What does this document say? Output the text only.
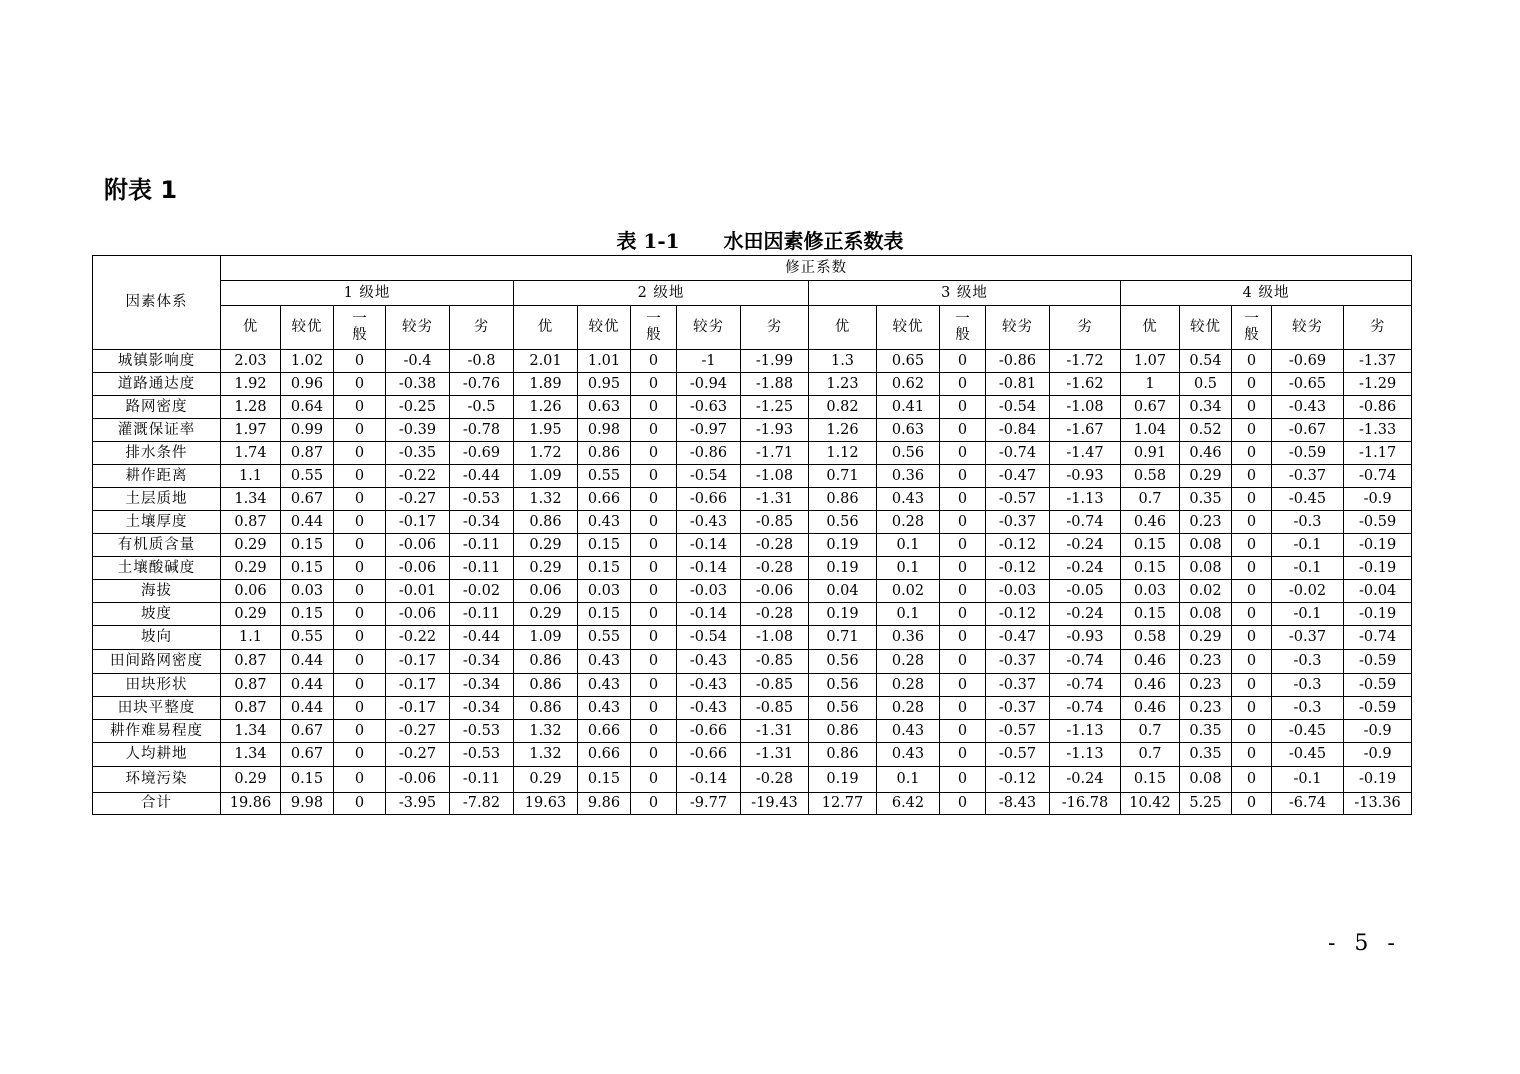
附表 1
表 1-1 水田因素修正系数表
因素体系	修正系数																			
	1 级地					2 级地					3 级地					4 级地				
	优	较优	一般	较劣	劣	优	较优	一般	较劣	劣	优	较优	一般	较劣	劣	优	较优	一般	较劣	劣
城镇影响度	2.03	1.02	0	-0.4	-0.8	2.01	1.01	0	-1	-1.99	1.3	0.65	0	-0.86	-1.72	1.07	0.54	0	-0.69	-1.37
道路通达度	1.92	0.96	0	-0.38	-0.76	1.89	0.95	0	-0.94	-1.88	1.23	0.62	0	-0.81	-1.62	1	0.5	0	-0.65	-1.29
路网密度	1.28	0.64	0	-0.25	-0.5	1.26	0.63	0	-0.63	-1.25	0.82	0.41	0	-0.54	-1.08	0.67	0.34	0	-0.43	-0.86
灌溉保证率	1.97	0.99	0	-0.39	-0.78	1.95	0.98	0	-0.97	-1.93	1.26	0.63	0	-0.84	-1.67	1.04	0.52	0	-0.67	-1.33
排水条件	1.74	0.87	0	-0.35	-0.69	1.72	0.86	0	-0.86	-1.71	1.12	0.56	0	-0.74	-1.47	0.91	0.46	0	-0.59	-1.17
耕作距离	1.1	0.55	0	-0.22	-0.44	1.09	0.55	0	-0.54	-1.08	0.71	0.36	0	-0.47	-0.93	0.58	0.29	0	-0.37	-0.74
土层质地	1.34	0.67	0	-0.27	-0.53	1.32	0.66	0	-0.66	-1.31	0.86	0.43	0	-0.57	-1.13	0.7	0.35	0	-0.45	-0.9
土壤厚度	0.87	0.44	0	-0.17	-0.34	0.86	0.43	0	-0.43	-0.85	0.56	0.28	0	-0.37	-0.74	0.46	0.23	0	-0.3	-0.59
有机质含量	0.29	0.15	0	-0.06	-0.11	0.29	0.15	0	-0.14	-0.28	0.19	0.1	0	-0.12	-0.24	0.15	0.08	0	-0.1	-0.19
土壤酸碱度	0.29	0.15	0	-0.06	-0.11	0.29	0.15	0	-0.14	-0.28	0.19	0.1	0	-0.12	-0.24	0.15	0.08	0	-0.1	-0.19
海拔	0.06	0.03	0	-0.01	-0.02	0.06	0.03	0	-0.03	-0.06	0.04	0.02	0	-0.03	-0.05	0.03	0.02	0	-0.02	-0.04
坡度	0.29	0.15	0	-0.06	-0.11	0.29	0.15	0	-0.14	-0.28	0.19	0.1	0	-0.12	-0.24	0.15	0.08	0	-0.1	-0.19
坡向	1.1	0.55	0	-0.22	-0.44	1.09	0.55	0	-0.54	-1.08	0.71	0.36	0	-0.47	-0.93	0.58	0.29	0	-0.37	-0.74
田间路网密度	0.87	0.44	0	-0.17	-0.34	0.86	0.43	0	-0.43	-0.85	0.56	0.28	0	-0.37	-0.74	0.46	0.23	0	-0.3	-0.59
田块形状	0.87	0.44	0	-0.17	-0.34	0.86	0.43	0	-0.43	-0.85	0.56	0.28	0	-0.37	-0.74	0.46	0.23	0	-0.3	-0.59
田块平整度	0.87	0.44	0	-0.17	-0.34	0.86	0.43	0	-0.43	-0.85	0.56	0.28	0	-0.37	-0.74	0.46	0.23	0	-0.3	-0.59
耕作难易程度	1.34	0.67	0	-0.27	-0.53	1.32	0.66	0	-0.66	-1.31	0.86	0.43	0	-0.57	-1.13	0.7	0.35	0	-0.45	-0.9
人均耕地	1.34	0.67	0	-0.27	-0.53	1.32	0.66	0	-0.66	-1.31	0.86	0.43	0	-0.57	-1.13	0.7	0.35	0	-0.45	-0.9
环境污染	0.29	0.15	0	-0.06	-0.11	0.29	0.15	0	-0.14	-0.28	0.19	0.1	0	-0.12	-0.24	0.15	0.08	0	-0.1	-0.19
合计	19.86	9.98	0	-3.95	-7.82	19.63	9.86	0	-9.77	-19.43	12.77	6.42	0	-8.43	-16.78	10.42	5.25	0	-6.74	-13.36
- 5 -
